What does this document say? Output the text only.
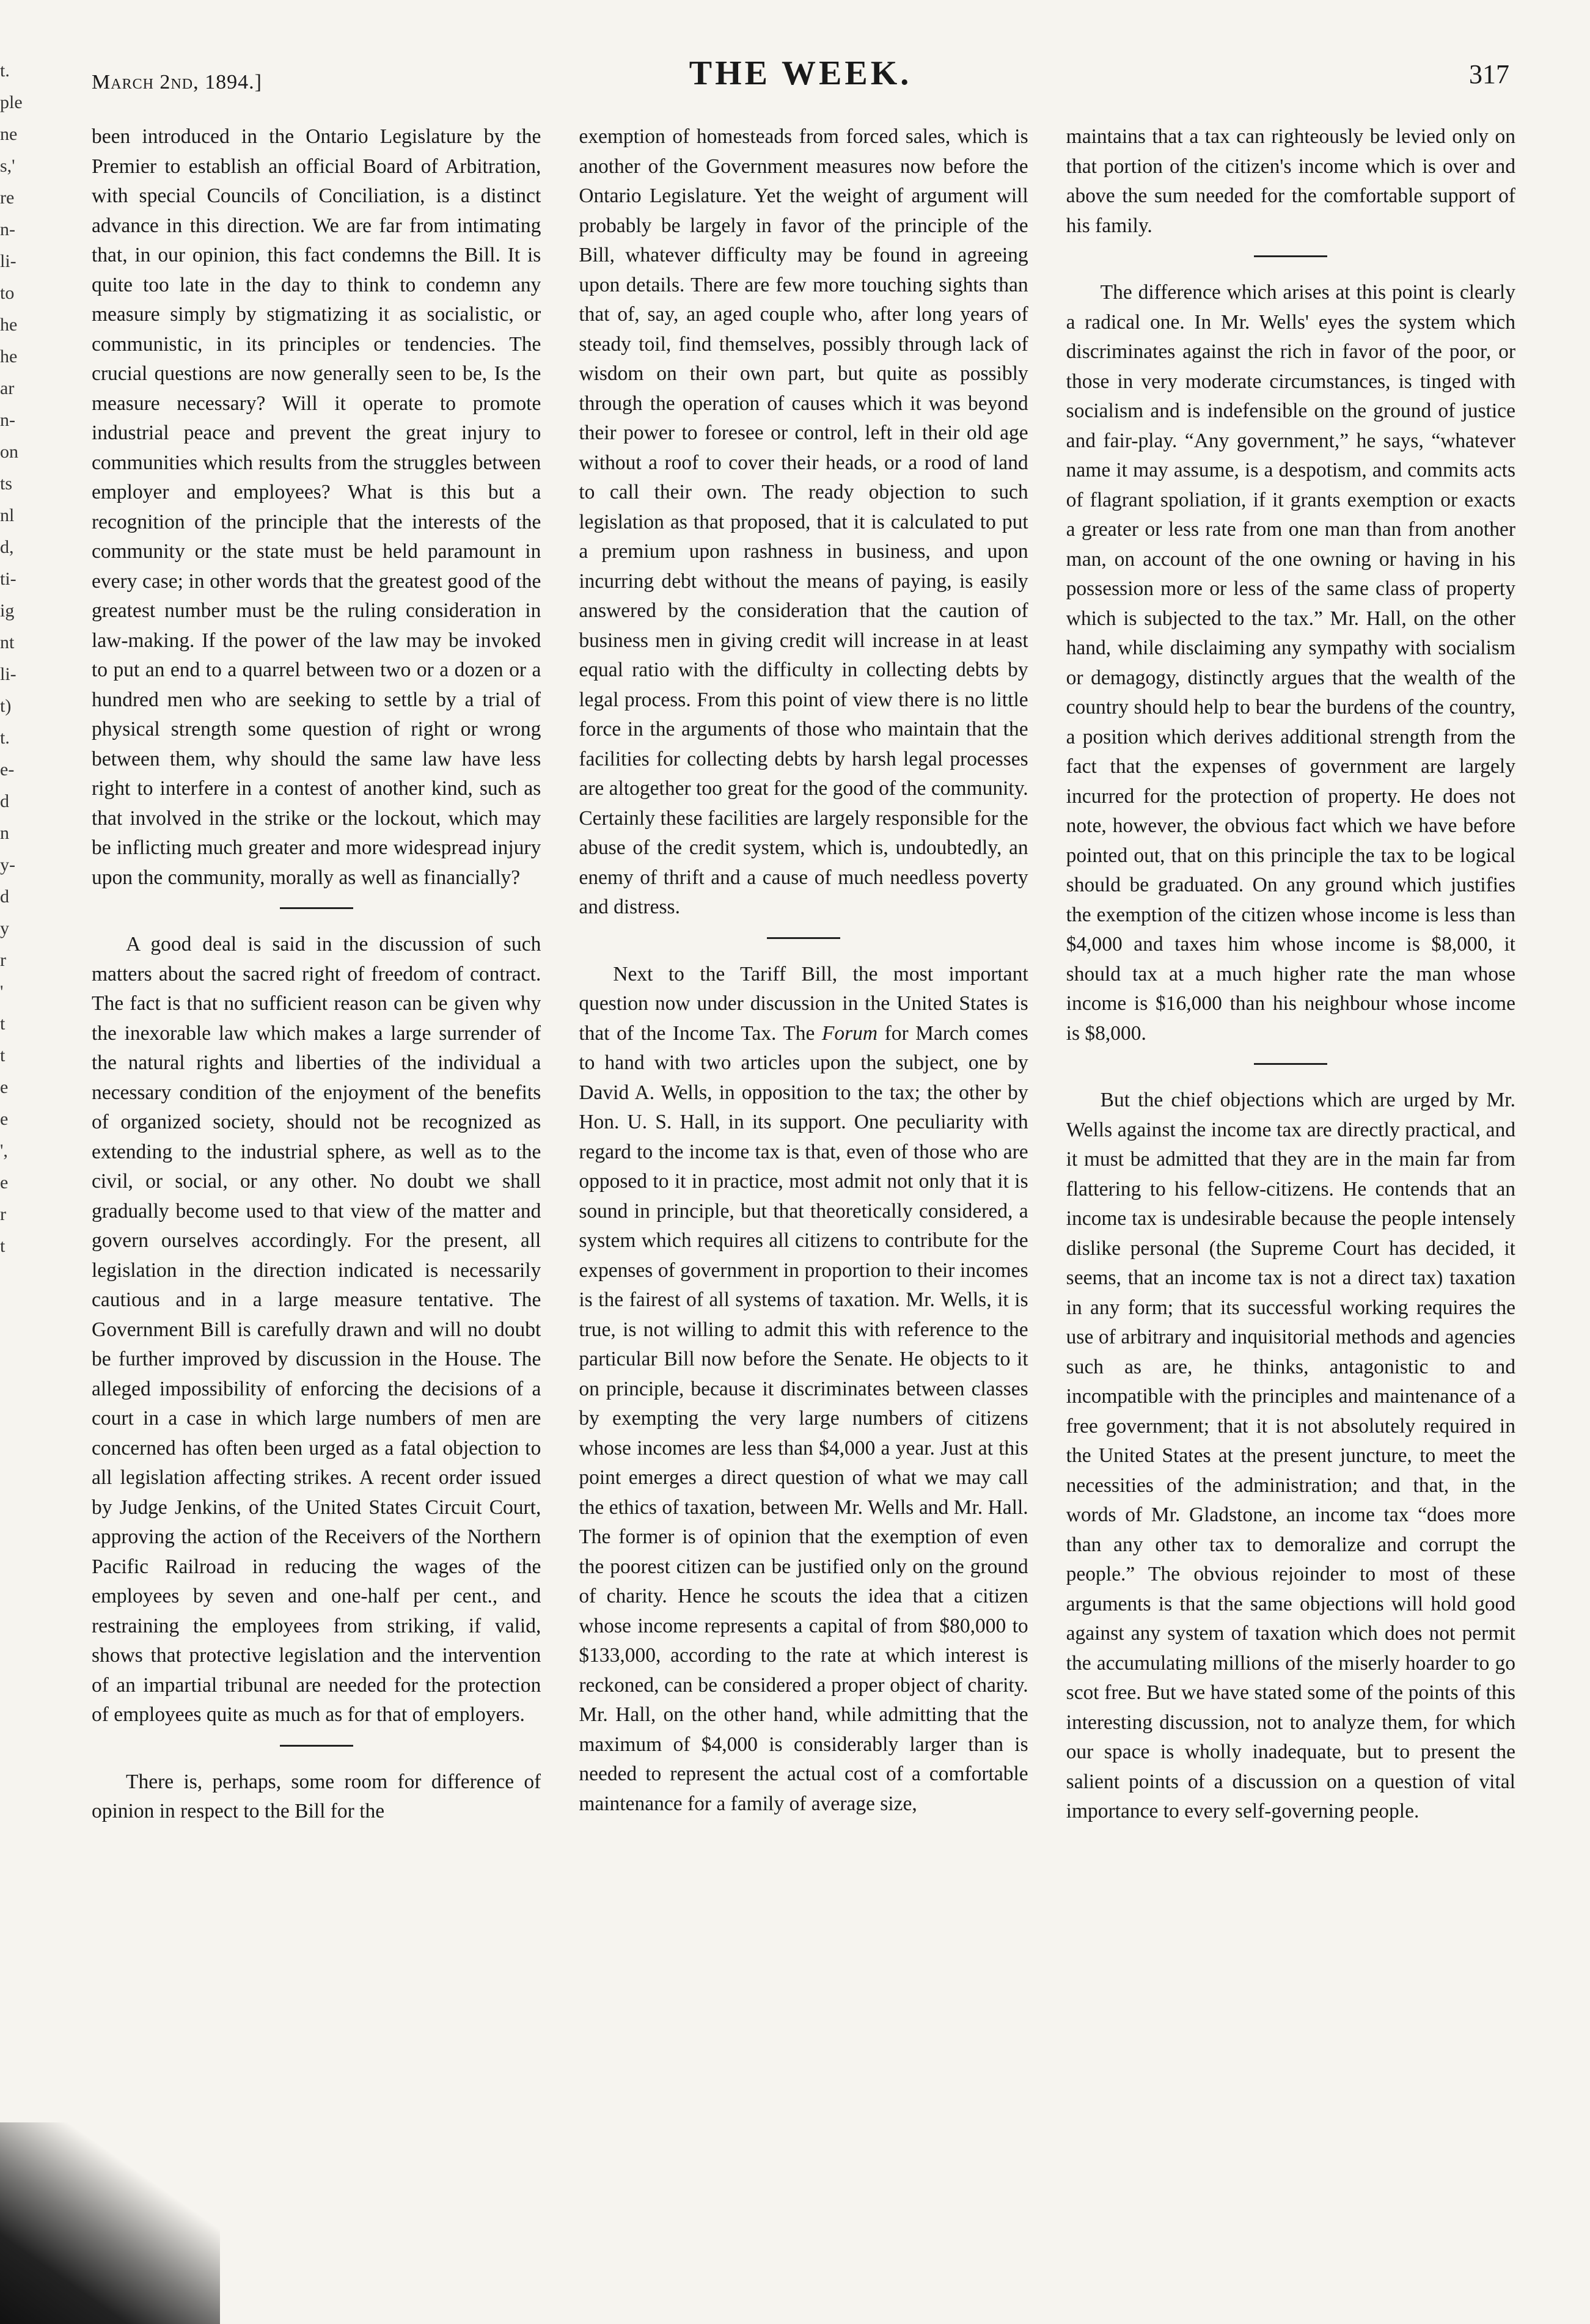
t.
ple
ne
s,'
re
n-
li-
to
he
he
ar
n-
on
ts
nl
d,
ti-
ig
nt
li-
t)
t.
e-
d
n
y-
d
y
r
'
t
t
e
e
',
e
r
t
March 2nd, 1894.]	THE WEEK.	317

been introduced in the Ontario Legislature by the Premier to establish an official Board of Arbitration, with special Councils of Conciliation, is a distinct advance in this direction. We are far from intimating that, in our opinion, this fact condemns the Bill. It is quite too late in the day to think to condemn any measure simply by stigmatizing it as socialistic, or communistic, in its principles or tendencies. The crucial questions are now generally seen to be, Is the measure necessary? Will it operate to promote industrial peace and prevent the great injury to communities which results from the struggles between employer and employees? What is this but a recognition of the principle that the interests of the community or the state must be held paramount in every case; in other words that the greatest good of the greatest number must be the ruling consideration in law-making. If the power of the law may be invoked to put an end to a quarrel between two or a dozen or a hundred men who are seeking to settle by a trial of physical strength some question of right or wrong between them, why should the same law have less right to interfere in a contest of another kind, such as that involved in the strike or the lockout, which may be inflicting much greater and more widespread injury upon the community, morally as well as financially?

A good deal is said in the discussion of such matters about the sacred right of freedom of contract. The fact is that no sufficient reason can be given why the inexorable law which makes a large surrender of the natural rights and liberties of the individual a necessary condition of the enjoyment of the benefits of organized society, should not be recognized as extending to the industrial sphere, as well as to the civil, or social, or any other. No doubt we shall gradually become used to that view of the matter and govern ourselves accordingly. For the present, all legislation in the direction indicated is necessarily cautious and in a large measure tentative. The Government Bill is carefully drawn and will no doubt be further improved by discussion in the House. The alleged impossibility of enforcing the decisions of a court in a case in which large numbers of men are concerned has often been urged as a fatal objection to all legislation affecting strikes. A recent order issued by Judge Jenkins, of the United States Circuit Court, approving the action of the Receivers of the Northern Pacific Railroad in reducing the wages of the employees by seven and one-half per cent., and restraining the employees from striking, if valid, shows that protective legislation and the intervention of an impartial tribunal are needed for the protection of employees quite as much as for that of employers.

There is, perhaps, some room for difference of opinion in respect to the Bill for the

exemption of homesteads from forced sales, which is another of the Government measures now before the Ontario Legislature. Yet the weight of argument will probably be largely in favor of the principle of the Bill, whatever difficulty may be found in agreeing upon details. There are few more touching sights than that of, say, an aged couple who, after long years of steady toil, find themselves, possibly through lack of wisdom on their own part, but quite as possibly through the operation of causes which it was beyond their power to foresee or control, left in their old age without a roof to cover their heads, or a rood of land to call their own. The ready objection to such legislation as that proposed, that it is calculated to put a premium upon rashness in business, and upon incurring debt without the means of paying, is easily answered by the consideration that the caution of business men in giving credit will increase in at least equal ratio with the difficulty in collecting debts by legal process. From this point of view there is no little force in the arguments of those who maintain that the facilities for collecting debts by harsh legal processes are altogether too great for the good of the community. Certainly these facilities are largely responsible for the abuse of the credit system, which is, undoubtedly, an enemy of thrift and a cause of much needless poverty and distress.

Next to the Tariff Bill, the most important question now under discussion in the United States is that of the Income Tax. The Forum for March comes to hand with two articles upon the subject, one by David A. Wells, in opposition to the tax; the other by Hon. U. S. Hall, in its support. One peculiarity with regard to the income tax is that, even of those who are opposed to it in practice, most admit not only that it is sound in principle, but that theoretically considered, a system which requires all citizens to contribute for the expenses of government in proportion to their incomes is the fairest of all systems of taxation. Mr. Wells, it is true, is not willing to admit this with reference to the particular Bill now before the Senate. He objects to it on principle, because it discriminates between classes by exempting the very large numbers of citizens whose incomes are less than $4,000 a year. Just at this point emerges a direct question of what we may call the ethics of taxation, between Mr. Wells and Mr. Hall. The former is of opinion that the exemption of even the poorest citizen can be justified only on the ground of charity. Hence he scouts the idea that a citizen whose income represents a capital of from $80,000 to $133,000, according to the rate at which interest is reckoned, can be considered a proper object of charity. Mr. Hall, on the other hand, while admitting that the maximum of $4,000 is considerably larger than is needed to represent the actual cost of a comfortable maintenance for a family of average size,

maintains that a tax can righteously be levied only on that portion of the citizen's income which is over and above the sum needed for the comfortable support of his family.

The difference which arises at this point is clearly a radical one. In Mr. Wells' eyes the system which discriminates against the rich in favor of the poor, or those in very moderate circumstances, is tinged with socialism and is indefensible on the ground of justice and fair-play. “Any government,” he says, “whatever name it may assume, is a despotism, and commits acts of flagrant spoliation, if it grants exemption or exacts a greater or less rate from one man than from another man, on account of the one owning or having in his possession more or less of the same class of property which is subjected to the tax.” Mr. Hall, on the other hand, while disclaiming any sympathy with socialism or demagogy, distinctly argues that the wealth of the country should help to bear the burdens of the country, a position which derives additional strength from the fact that the expenses of government are largely incurred for the protection of property. He does not note, however, the obvious fact which we have before pointed out, that on this principle the tax to be logical should be graduated. On any ground which justifies the exemption of the citizen whose income is less than $4,000 and taxes him whose income is $8,000, it should tax at a much higher rate the man whose income is $16,000 than his neighbour whose income is $8,000.

But the chief objections which are urged by Mr. Wells against the income tax are directly practical, and it must be admitted that they are in the main far from flattering to his fellow-citizens. He contends that an income tax is undesirable because the people intensely dislike personal (the Supreme Court has decided, it seems, that an income tax is not a direct tax) taxation in any form; that its successful working requires the use of arbitrary and inquisitorial methods and agencies such as are, he thinks, antagonistic to and incompatible with the principles and maintenance of a free government; that it is not absolutely required in the United States at the present juncture, to meet the necessities of the administration; and that, in the words of Mr. Gladstone, an income tax “does more than any other tax to demoralize and corrupt the people.” The obvious rejoinder to most of these arguments is that the same objections will hold good against any system of taxation which does not permit the accumulating millions of the miserly hoarder to go scot free. But we have stated some of the points of this interesting discussion, not to analyze them, for which our space is wholly inadequate, but to present the salient points of a discussion on a question of vital importance to every self-governing people.
